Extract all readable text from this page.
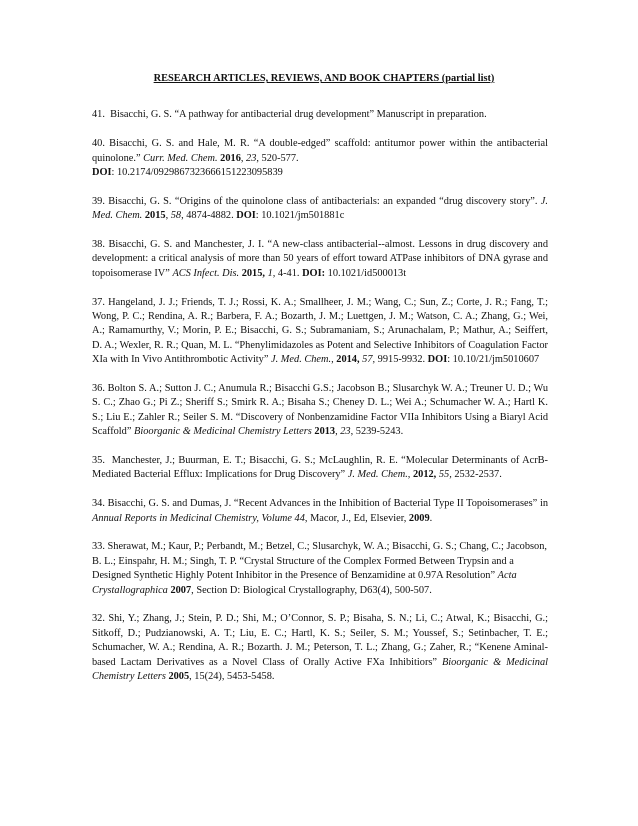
RESEARCH ARTICLES, REVIEWS, AND BOOK CHAPTERS (partial list)

41. Bisacchi, G. S. “A pathway for antibacterial drug development” Manuscript in preparation.

40. Bisacchi, G. S. and Hale, M. R. “A double-edged” scaffold: antitumor power within the antibacterial quinolone.” Curr. Med. Chem. 2016, 23, 520-577.
DOI: 10.2174/0929867323666151223095839

39. Bisacchi, G. S. “Origins of the quinolone class of antibacterials: an expanded “drug discovery story”. J. Med. Chem. 2015, 58, 4874-4882. DOI: 10.1021/jm501881c

38. Bisacchi, G. S. and Manchester, J. I. “A new-class antibacterial--almost. Lessons in drug discovery and development: a critical analysis of more than 50 years of effort toward ATPase inhibitors of DNA gyrase and topoisomerase IV” ACS Infect. Dis. 2015, 1, 4-41. DOI: 10.1021/id500013t

37. Hangeland, J. J.; Friends, T. J.; Rossi, K. A.; Smallheer, J. M.; Wang, C.; Sun, Z.; Corte, J. R.; Fang, T.; Wong, P. C.; Rendina, A. R.; Barbera, F. A.; Bozarth, J. M.; Luettgen, J. M.; Watson, C. A.; Zhang, G.; Wei, A.; Ramamurthy, V.; Morin, P. E.; Bisacchi, G. S.; Subramaniam, S.; Arunachalam, P.; Mathur, A.; Seiffert, D. A.; Wexler, R. R.; Quan, M. L. “Phenylimidazoles as Potent and Selective Inhibitors of Coagulation Factor XIa with In Vivo Antithrombotic Activity” J. Med. Chem., 2014, 57, 9915-9932. DOI: 10.10/21/jm5010607

36. Bolton S. A.; Sutton J. C.; Anumula R.; Bisacchi G.S.; Jacobson B.; Slusarchyk W. A.; Treuner U. D.; Wu S. C.; Zhao G.; Pi Z.; Sheriff S.; Smirk R. A.; Bisaha S.; Cheney D. L.; Wei A.; Schumacher W. A.; Hartl K. S.; Liu E.; Zahler R.; Seiler S. M. “Discovery of Nonbenzamidine Factor VIIa Inhibitors Using a Biaryl Acid Scaffold” Bioorganic & Medicinal Chemistry Letters 2013, 23, 5239-5243.

35. Manchester, J.; Buurman, E. T.; Bisacchi, G. S.; McLaughlin, R. E. “Molecular Determinants of AcrB-Mediated Bacterial Efflux: Implications for Drug Discovery” J. Med. Chem., 2012, 55, 2532-2537.

34. Bisacchi, G. S. and Dumas, J. “Recent Advances in the Inhibition of Bacterial Type II Topoisomerases” in Annual Reports in Medicinal Chemistry, Volume 44, Macor, J., Ed, Elsevier, 2009.

33. Sherawat, M.; Kaur, P.; Perbandt, M.; Betzel, C.; Slusarchyk, W. A.; Bisacchi, G. S.; Chang, C.; Jacobson, B. L.; Einspahr, H. M.; Singh, T. P. “Crystal Structure of the Complex Formed Between Trypsin and a Designed Synthetic Highly Potent Inhibitor in the Presence of Benzamidine at 0.97A Resolution” Acta Crystallographica 2007, Section D: Biological Crystallography, D63(4), 500-507.

32. Shi, Y.; Zhang, J.; Stein, P. D.; Shi, M.; O’Connor, S. P.; Bisaha, S. N.; Li, C.; Atwal, K.; Bisacchi, G.; Sitkoff, D.; Pudzianowski, A. T.; Liu, E. C.; Hartl, K. S.; Seiler, S. M.; Youssef, S.; Setinbacher, T. E.; Schumacher, W. A.; Rendina, A. R.; Bozarth. J. M.; Peterson, T. L.; Zhang, G.; Zaher, R.; “Kenene Aminal-based Lactam Derivatives as a Novel Class of Orally Active FXa Inhibitiors” Bioorganic & Medicinal Chemistry Letters 2005, 15(24), 5453-5458.
